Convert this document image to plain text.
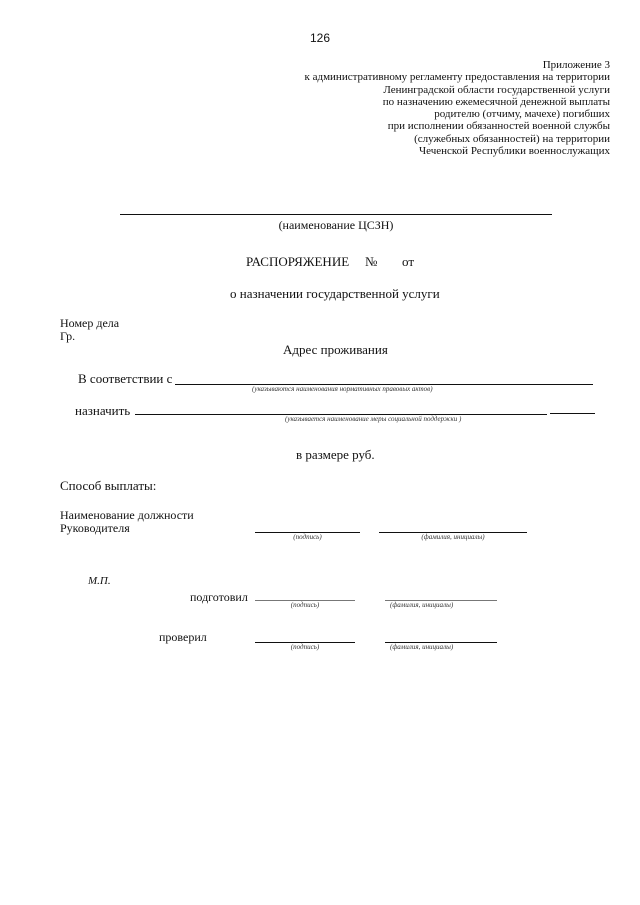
126
Приложение 3
к административному регламенту предоставления на территории
Ленинградской области государственной услуги
по назначению ежемесячной денежной выплаты
родителю (отчиму, мачехе) погибших
при исполнении обязанностей военной службы
(служебных обязанностей) на территории
Чеченской Республики военнослужащих
(наименование ЦСЗН)
РАСПОРЯЖЕНИЕ № от
о назначении государственной услуги
Номер дела
Гр.
Адрес проживания
В соответствии с
(указываются наименования нормативных правовых актов)
назначить
(указывается наименование меры социальной поддержки )
в размере руб.
Способ выплаты:
Наименование должности
Руководителя
(подпись)	(фамилия, инициалы)
М.П.
подготовил
(подпись)	(фамилия, инициалы)
проверил
(подпись)	(фамилия, инициалы)
